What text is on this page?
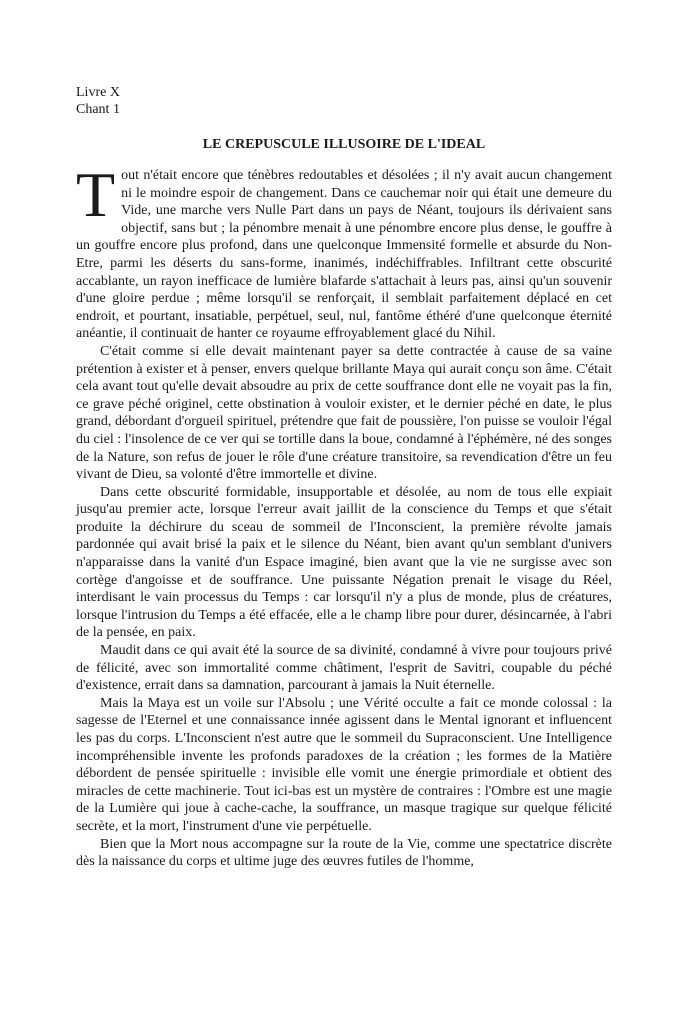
Livre X

Chant 1

LE CREPUSCULE ILLUSOIRE DE L'IDEAL

Tout n'était encore que ténèbres redoutables et désolées ; il n'y avait aucun changement ni le moindre espoir de changement. Dans ce cauchemar noir qui était une demeure du Vide, une marche vers Nulle Part dans un pays de Néant, toujours ils dérivaient sans objectif, sans but ; la pénombre menait à une pénombre encore plus dense, le gouffre à un gouffre encore plus profond, dans une quelconque Immensité formelle et absurde du Non-Etre, parmi les déserts du sans-forme, inanimés, indéchiffrables. Infiltrant cette obscurité accablante, un rayon inefficace de lumière blafarde s'attachait à leurs pas, ainsi qu'un souvenir d'une gloire perdue ; même lorsqu'il se renforçait, il semblait parfaitement déplacé en cet endroit, et pourtant, insatiable, perpétuel, seul, nul, fantôme éthéré d'une quelconque éternité anéantie, il continuait de hanter ce royaume effroyablement glacé du Nihil.

C'était comme si elle devait maintenant payer sa dette contractée à cause de sa vaine prétention à exister et à penser, envers quelque brillante Maya qui aurait conçu son âme. C'était cela avant tout qu'elle devait absoudre au prix de cette souffrance dont elle ne voyait pas la fin, ce grave péché originel, cette obstination à vouloir exister, et le dernier péché en date, le plus grand, débordant d'orgueil spirituel, prétendre que fait de poussière, l'on puisse se vouloir l'égal du ciel : l'insolence de ce ver qui se tortille dans la boue, condamné à l'éphémère, né des songes de la Nature, son refus de jouer le rôle d'une créature transitoire, sa revendication d'être un feu vivant de Dieu, sa volonté d'être immortelle et divine.

Dans cette obscurité formidable, insupportable et désolée, au nom de tous elle expiait jusqu'au premier acte, lorsque l'erreur avait jaillit de la conscience du Temps et que s'était produite la déchirure du sceau de sommeil de l'Inconscient, la première révolte jamais pardonnée qui avait brisé la paix et le silence du Néant, bien avant qu'un semblant d'univers n'apparaisse dans la vanité d'un Espace imaginé, bien avant que la vie ne surgisse avec son cortège d'angoisse et de souffrance. Une puissante Négation prenait le visage du Réel, interdisant le vain processus du Temps : car lorsqu'il n'y a plus de monde, plus de créatures, lorsque l'intrusion du Temps a été effacée, elle a le champ libre pour durer, désincarnée, à l'abri de la pensée, en paix.

Maudit dans ce qui avait été la source de sa divinité, condamné à vivre pour toujours privé de félicité, avec son immortalité comme châtiment, l'esprit de Savitri, coupable du péché d'existence, errait dans sa damnation, parcourant à jamais la Nuit éternelle.

Mais la Maya est un voile sur l'Absolu ; une Vérité occulte a fait ce monde colossal : la sagesse de l'Eternel et une connaissance innée agissent dans le Mental ignorant et influencent les pas du corps. L'Inconscient n'est autre que le sommeil du Supraconscient. Une Intelligence incompréhensible invente les profonds paradoxes de la création ; les formes de la Matière débordent de pensée spirituelle : invisible elle vomit une énergie primordiale et obtient des miracles de cette machinerie. Tout ici-bas est un mystère de contraires : l'Ombre est une magie de la Lumière qui joue à cache-cache, la souffrance, un masque tragique sur quelque félicité secrète, et la mort, l'instrument d'une vie perpétuelle.

Bien que la Mort nous accompagne sur la route de la Vie, comme une spectatrice discrète dès la naissance du corps et ultime juge des œuvres futiles de l'homme,
